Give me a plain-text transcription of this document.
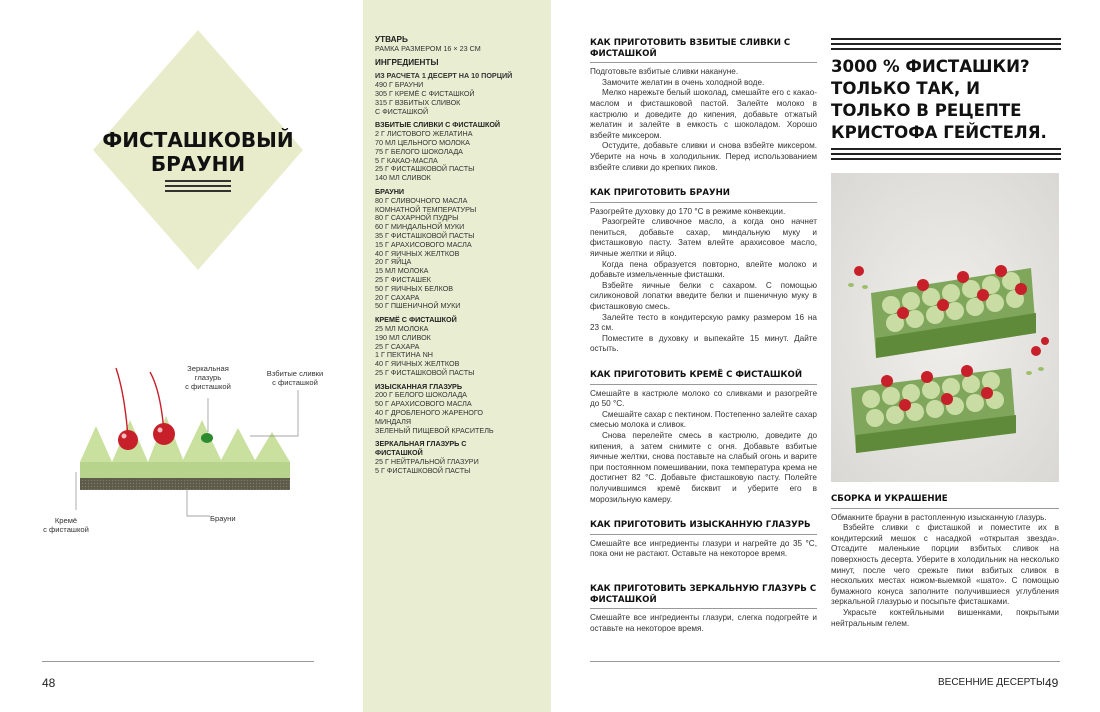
ФИСТАШКОВЫЙ
БРАУНИ
Зеркальная
глазурь
с фисташкой
Взбитые сливки
с фисташкой
Кремё
с фисташкой
Брауни
48
УТВАРЬ
РАМКА РАЗМЕРОМ 16 × 23 СМ
ИНГРЕДИЕНТЫ
ИЗ РАСЧЕТА 1 ДЕСЕРТ НА 10 ПОРЦИЙ
490 Г БРАУНИ
305 Г КРЕМЁ С ФИСТАШКОЙ
315 Г ВЗБИТЫХ СЛИВОК
С ФИСТАШКОЙ
ВЗБИТЫЕ СЛИВКИ С ФИСТАШКОЙ
2 Г ЛИСТОВОГО ЖЕЛАТИНА
70 МЛ ЦЕЛЬНОГО МОЛОКА
75 Г БЕЛОГО ШОКОЛАДА
5 Г КАКАО-МАСЛА
25 Г ФИСТАШКОВОЙ ПАСТЫ
140 МЛ СЛИВОК
БРАУНИ
80 Г СЛИВОЧНОГО МАСЛА
КОМНАТНОЙ ТЕМПЕРАТУРЫ
80 Г САХАРНОЙ ПУДРЫ
60 Г МИНДАЛЬНОЙ МУКИ
35 Г ФИСТАШКОВОЙ ПАСТЫ
15 Г АРАХИСОВОГО МАСЛА
40 Г ЯИЧНЫХ ЖЕЛТКОВ
20 Г ЯЙЦА
15 МЛ МОЛОКА
25 Г ФИСТАШЕК
50 Г ЯИЧНЫХ БЕЛКОВ
20 Г САХАРА
50 Г ПШЕНИЧНОЙ МУКИ
КРЕМЁ С ФИСТАШКОЙ
25 МЛ МОЛОКА
190 МЛ СЛИВОК
25 Г САХАРА
1 Г ПЕКТИНА NH
40 Г ЯИЧНЫХ ЖЕЛТКОВ
25 Г ФИСТАШКОВОЙ ПАСТЫ
ИЗЫСКАННАЯ ГЛАЗУРЬ
200 Г БЕЛОГО ШОКОЛАДА
50 Г АРАХИСОВОГО МАСЛА
40 Г ДРОБЛЕНОГО ЖАРЕНОГО
МИНДАЛЯ
ЗЕЛЕНЫЙ ПИЩЕВОЙ КРАСИТЕЛЬ
ЗЕРКАЛЬНАЯ ГЛАЗУРЬ С ФИСТАШКОЙ
25 Г НЕЙТРАЛЬНОЙ ГЛАЗУРИ
5 Г ФИСТАШКОВОЙ ПАСТЫ
КАК ПРИГОТОВИТЬ ВЗБИТЫЕ СЛИВКИ С ФИСТАШКОЙ

Подготовьте взбитые сливки накануне.

Замочите желатин в очень холодной воде.

Мелко нарежьте белый шоколад, смешайте его с какао-маслом и фисташковой пастой. Залейте молоко в кастрюлю и доведите до кипения, добавьте отжатый желатин и залейте в емкость с шоколадом. Хорошо взбейте миксером.

Остудите, добавьте сливки и снова взбейте миксером. Уберите на ночь в холодильник. Перед использованием взбейте сливки до крепких пиков.

КАК ПРИГОТОВИТЬ БРАУНИ

Разогрейте духовку до 170 °С в режиме конвекции.

Разогрейте сливочное масло, а когда оно начнет пениться, добавьте сахар, миндальную муку и фисташковую пасту. Затем влейте арахисовое масло, яичные желтки и яйцо.

Когда пена образуется повторно, влейте молоко и добавьте измельченные фисташки.

Взбейте яичные белки с сахаром. С помощью силиконовой лопатки введите белки и пшеничную муку в фисташковую смесь.

Залейте тесто в кондитерскую рамку размером 16 на 23 см.

Поместите в духовку и выпекайте 15 минут. Дайте остыть.

КАК ПРИГОТОВИТЬ КРЕМЁ С ФИСТАШКОЙ

Смешайте в кастрюле молоко со сливками и разогрейте до 50 °С.

Смешайте сахар с пектином. Постепенно залейте сахар смесью молока и сливок.

Снова перелейте смесь в кастрюлю, доведите до кипения, а затем снимите с огня. Добавьте взбитые яичные желтки, снова поставьте на слабый огонь и варите при постоянном помешивании, пока температура крема не достигнет 82 °С. Добавьте фисташковую пасту. Полейте получившимся кремё бисквит и уберите его в морозильную камеру.

КАК ПРИГОТОВИТЬ ИЗЫСКАННУЮ ГЛАЗУРЬ

Смешайте все ингредиенты глазури и нагрейте до 35 °С, пока они не растают. Оставьте на некоторое время.

КАК ПРИГОТОВИТЬ ЗЕРКАЛЬНУЮ ГЛАЗУРЬ С ФИСТАШКОЙ

Смешайте все ингредиенты глазури, слегка подогрейте и оставьте на некоторое время.

3000 % ФИСТАШКИ? ТОЛЬКО ТАК, И ТОЛЬКО В РЕЦЕПТЕ КРИСТОФА ГЕЙСТЕЛЯ.
СБОРКА И УКРАШЕНИЕ

Обмакните брауни в растопленную изысканную глазурь.

Взбейте сливки с фисташкой и поместите их в кондитерский мешок с насадкой «открытая звезда». Отсадите маленькие порции взбитых сливок на поверхность десерта. Уберите в холодильник на несколько минут, после чего срежьте пики взбитых сливок в нескольких местах ножом-выемкой «шато». С помощью бумажного конуса заполните получившиеся углубления зеркальной глазурью и посыпьте фисташками.

Украсьте коктейльными вишенками, покрытыми нейтральным гелем.

ВЕСЕННИЕ ДЕСЕРТЫ 49
